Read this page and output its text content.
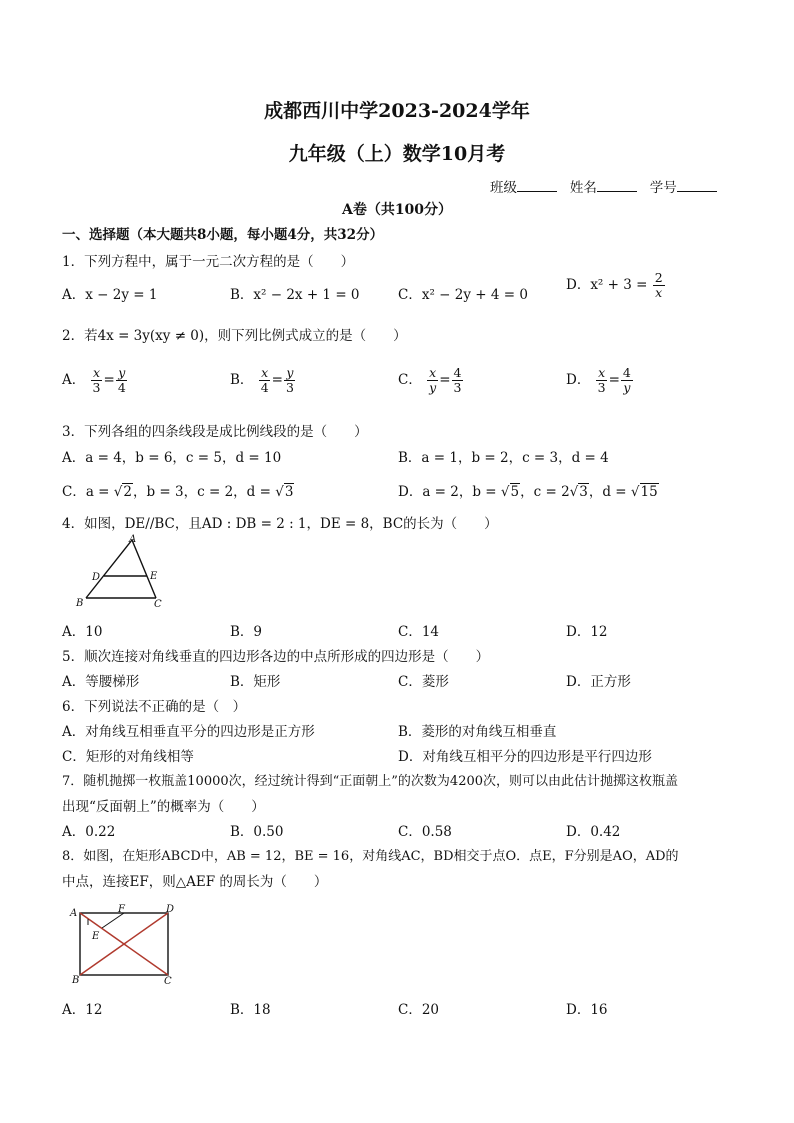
成都西川中学2023-2024学年
九年级（上）数学10月考
班级	姓名	学号
A卷（共100分）
一、选择题（本大题共8小题，每小题4分，共32分）
1．下列方程中，属于一元二次方程的是（　　）
A．x − 2y = 1	B．x² − 2x + 1 = 0	C．x² − 2y + 4 = 0
D．$x^2 + 3 = \frac{2}{x}$
2．若4x = 3y(xy ≠ 0)，则下列比例式成立的是（　　）
A． $\frac{x}{3} = \frac{y}{4}$	B． $\frac{x}{4} = \frac{y}{3}$	C． $\frac{x}{y} = \frac{4}{3}$	D． $\frac{x}{3} = \frac{4}{y}$
3．下列各组的四条线段是成比例线段的是（　　）
A．a = 4，b = 6，c = 5，d = 10	B．a = 1，b = 2，c = 3，d = 4
C．a = √2，b = 3，c = 2，d = √3	D．a = 2，b = √5，c = 2√3，d = √15
4．如图，DE//BC，且AD : DB = 2 : 1，DE = 8，BC的长为（　　）
A
D	E
B	C
A．10	B．9	C．14	D．12
5．顺次连接对角线垂直的四边形各边的中点所形成的四边形是（　　）
A．等腰梯形	B．矩形	C．菱形	D．正方形
6．下列说法不正确的是（　）
A．对角线互相垂直平分的四边形是正方形	B．菱形的对角线互相垂直
C．矩形的对角线相等	D．对角线互相平分的四边形是平行四边形
7．随机抛掷一枚瓶盖10000次，经过统计得到“正面朝上”的次数为4200次，则可以由此估计抛掷这枚瓶盖
出现“反面朝上”的概率为（　　）
A．0.22	B．0.50	C．0.58	D．0.42
8．如图，在矩形ABCD中，AB = 12，BE = 16，对角线AC，BD相交于点O．点E，F分别是AO，AD的
中点，连接EF，则△AEF 的周长为（　　）
A	F	D
E
B	C
A．12	B．18	C．20	D．16
